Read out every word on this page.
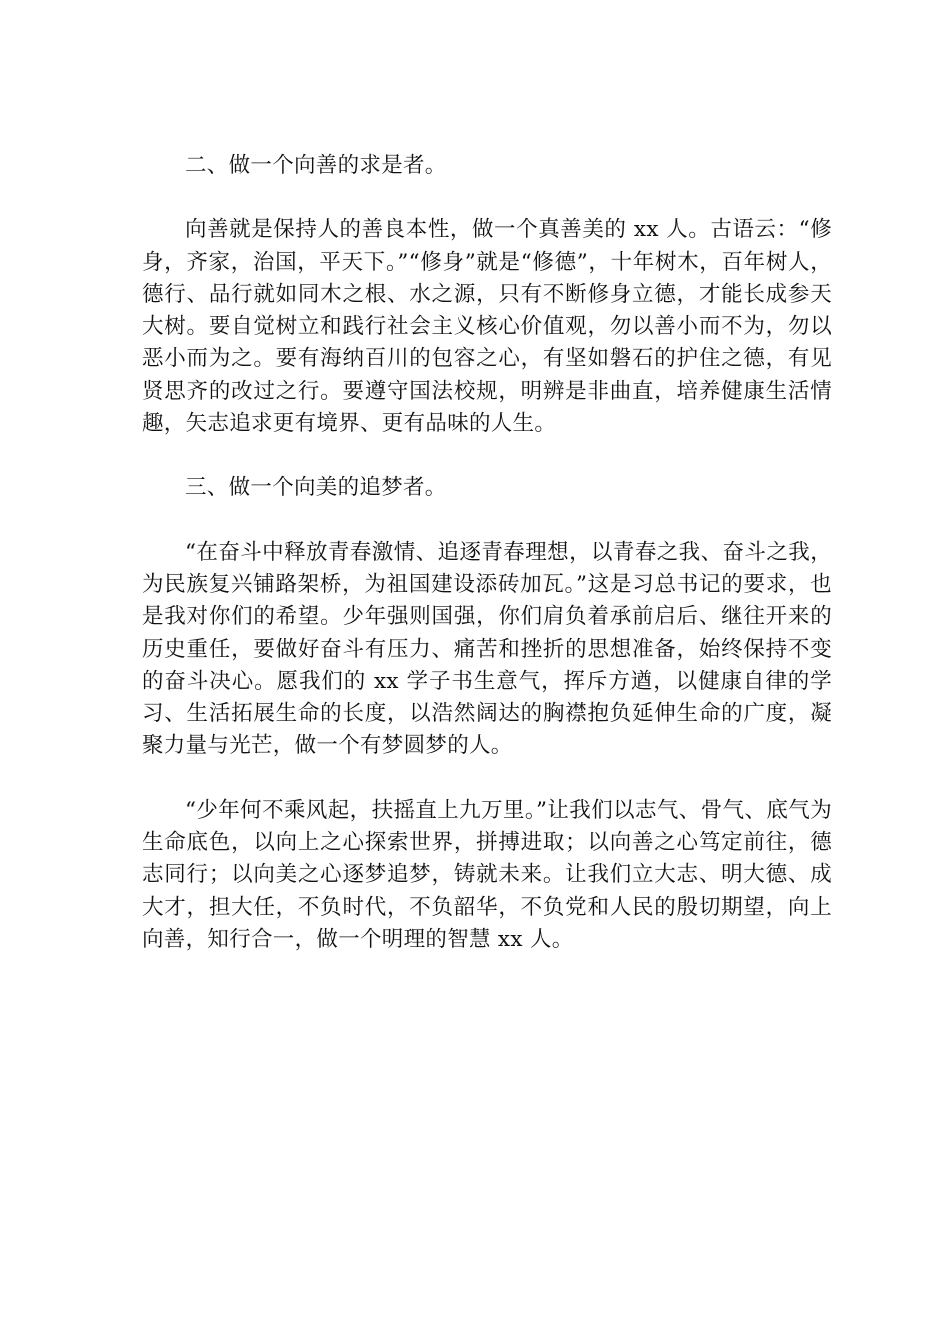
二、做一个向善的求是者。

向善就是保持人的善良本性，做一个真善美的 xx 人。古语云：“修身，齐家，治国，平天下。”“修身”就是“修德”，十年树木，百年树人，德行、品行就如同木之根、水之源，只有不断修身立德，才能长成参天大树。要自觉树立和践行社会主义核心价值观，勿以善小而不为，勿以恶小而为之。要有海纳百川的包容之心，有坚如磐石的护住之德，有见贤思齐的改过之行。要遵守国法校规，明辨是非曲直，培养健康生活情趣，矢志追求更有境界、更有品味的人生。

三、做一个向美的追梦者。

“在奋斗中释放青春激情、追逐青春理想，以青春之我、奋斗之我，为民族复兴铺路架桥，为祖国建设添砖加瓦。”这是习总书记的要求，也是我对你们的希望。少年强则国强，你们肩负着承前启后、继往开来的历史重任，要做好奋斗有压力、痛苦和挫折的思想准备，始终保持不变的奋斗决心。愿我们的 xx 学子书生意气，挥斥方遒，以健康自律的学习、生活拓展生命的长度，以浩然阔达的胸襟抱负延伸生命的广度，凝聚力量与光芒，做一个有梦圆梦的人。

“少年何不乘风起，扶摇直上九万里。”让我们以志气、骨气、底气为生命底色，以向上之心探索世界，拼搏进取；以向善之心笃定前往，德志同行；以向美之心逐梦追梦，铸就未来。让我们立大志、明大德、成大才，担大任，不负时代，不负韶华，不负党和人民的殷切期望，向上向善，知行合一，做一个明理的智慧 xx 人。
